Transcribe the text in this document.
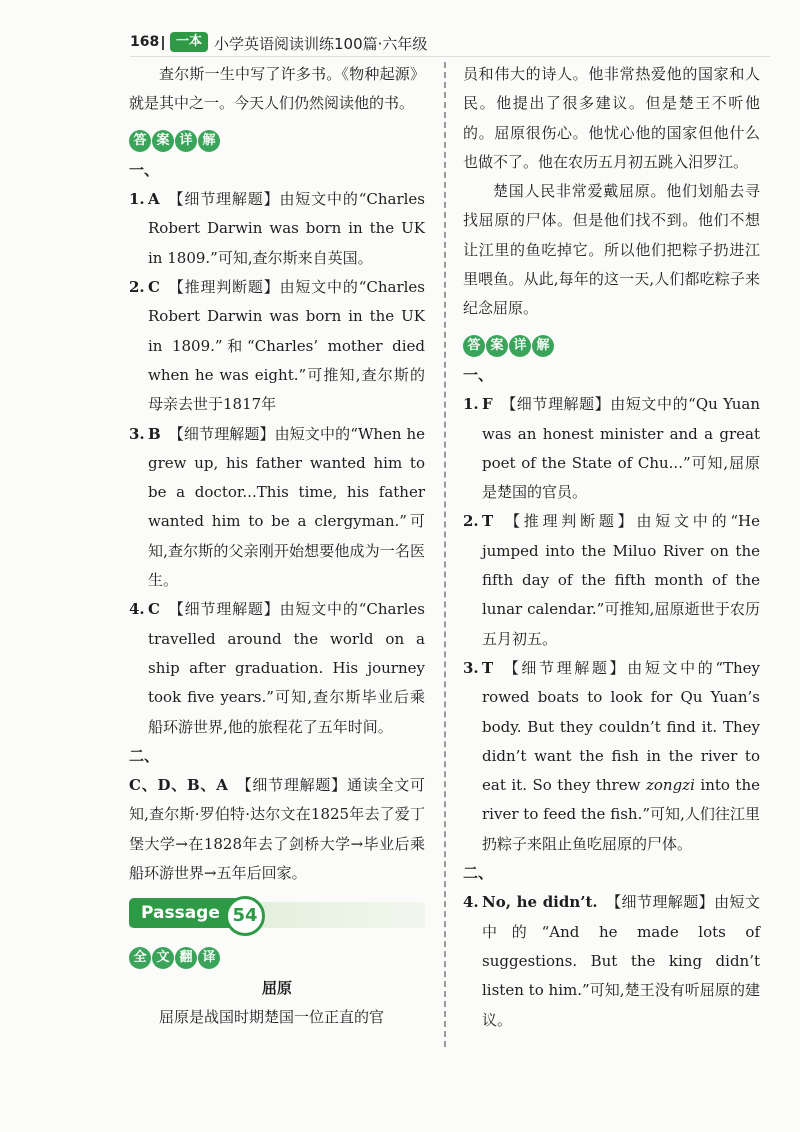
168	一本 小学英语阅读训练100篇·六年级

查尔斯一生中写了许多书。《物种起源》就是其中之一。今天人们仍然阅读他的书。

答 案 详 解

一、

1. A 【细节理解题】由短文中的“Charles Robert Darwin was born in the UK in 1809.”可知,查尔斯来自英国。
2. C 【推理判断题】由短文中的“Charles Robert Darwin was born in the UK in 1809.”和“Charles’ mother died when he was eight.”可推知,查尔斯的母亲去世于1817年
3. B 【细节理解题】由短文中的“When he grew up, his father wanted him to be a doctor...This time, his father wanted him to be a clergyman.”可知,查尔斯的父亲刚开始想要他成为一名医生。
4. C 【细节理解题】由短文中的“Charles travelled around the world on a ship after graduation. His journey took five years.”可知,查尔斯毕业后乘船环游世界,他的旅程花了五年时间。

二、

C、D、B、A 【细节理解题】通读全文可知,查尔斯·罗伯特·达尔文在1825年去了爱丁堡大学→在1828年去了剑桥大学→毕业后乘船环游世界→五年后回家。

Passage 54
全 文 翻 译

屈原

屈原是战国时期楚国一位正直的官

员和伟大的诗人。他非常热爱他的国家和人民。他提出了很多建议。但是楚王不听他的。屈原很伤心。他忧心他的国家但他什么也做不了。他在农历五月初五跳入汨罗江。

楚国人民非常爱戴屈原。他们划船去寻找屈原的尸体。但是他们找不到。他们不想让江里的鱼吃掉它。所以他们把粽子扔进江里喂鱼。从此,每年的这一天,人们都吃粽子来纪念屈原。

答 案 详 解

一、

1. F 【细节理解题】由短文中的“Qu Yuan was an honest minister and a great poet of the State of Chu...”可知,屈原是楚国的官员。
2. T 【推理判断题】由短文中的“He jumped into the Miluo River on the fifth day of the fifth month of the lunar calendar.”可推知,屈原逝世于农历五月初五。
3. T 【细节理解题】由短文中的“They rowed boats to look for Qu Yuan’s body. But they couldn’t find it. They didn’t want the fish in the river to eat it. So they threw zongzi into the river to feed the fish.”可知,人们往江里扔粽子来阻止鱼吃屈原的尸体。

二、

4. No, he didn’t. 【细节理解题】由短文中的“And he made lots of suggestions. But the king didn’t listen to him.”可知,楚王没有听屈原的建议。
